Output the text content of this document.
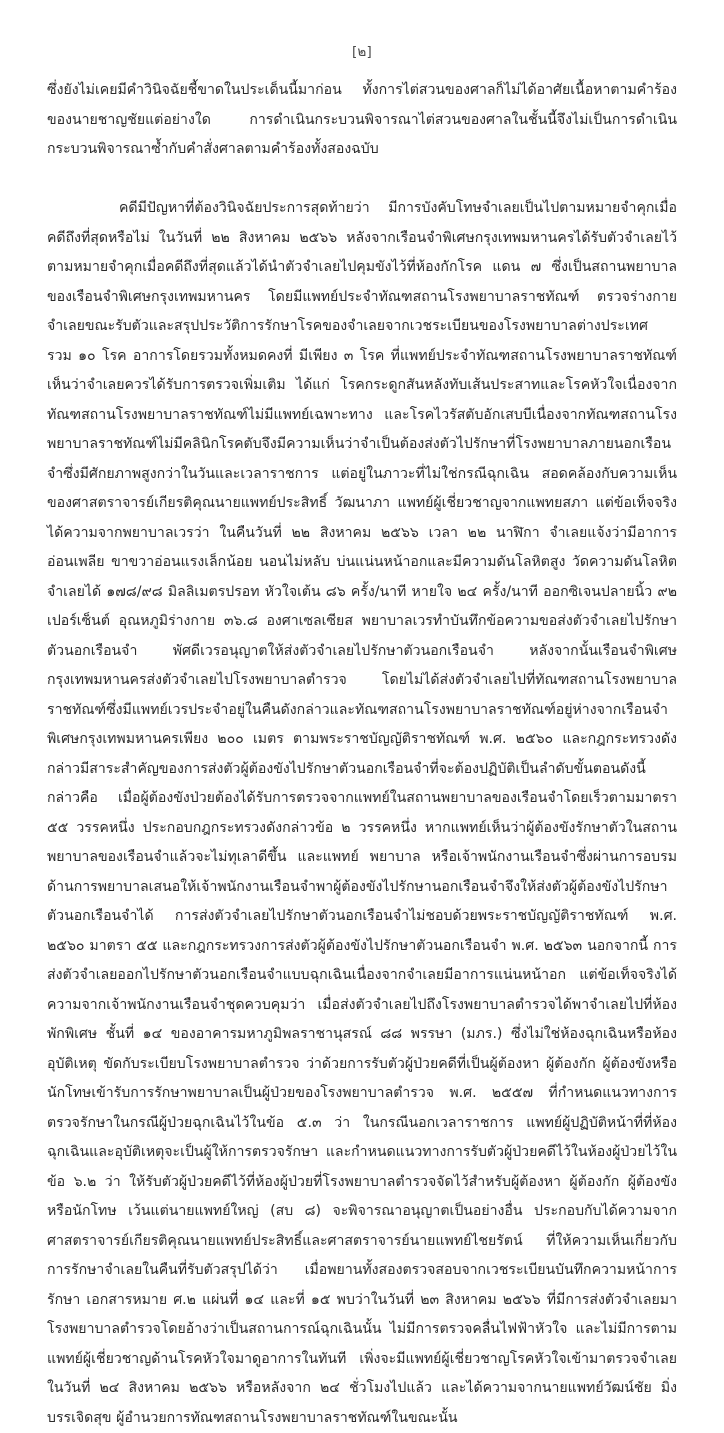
[๒]

ซึ่งยังไม่เคยมีคำวินิจฉัยชี้ขาดในประเด็นนี้มาก่อน ทั้งการไต่สวนของศาลก็ไม่ได้อาศัยเนื้อหาตามคำร้องของนายชาญชัยแต่อย่างใด การดำเนินกระบวนพิจารณาไต่สวนของศาลในชั้นนี้จึงไม่เป็นการดำเนินกระบวนพิจารณาซ้ำกับคำสั่งศาลตามคำร้องทั้งสองฉบับ

คดีมีปัญหาที่ต้องวินิจฉัยประการสุดท้ายว่า มีการบังคับโทษจำเลยเป็นไปตามหมายจำคุกเมื่อคดีถึงที่สุดหรือไม่ ในวันที่ ๒๒ สิงหาคม ๒๕๖๖ หลังจากเรือนจำพิเศษกรุงเทพมหานครได้รับตัวจำเลยไว้ตามหมายจำคุกเมื่อคดีถึงที่สุดแล้วได้นำตัวจำเลยไปคุมขังไว้ที่ห้องกักโรค แดน ๗ ซึ่งเป็นสถานพยาบาลของเรือนจำพิเศษกรุงเทพมหานคร โดยมีแพทย์ประจำทัณฑสถานโรงพยาบาลราชทัณฑ์ ตรวจร่างกายจำเลยขณะรับตัวและสรุปประวัติการรักษาโรคของจำเลยจากเวชระเบียนของโรงพยาบาลต่างประเทศ รวม ๑๐ โรค อาการโดยรวมทั้งหมดคงที่ มีเพียง ๓ โรค ที่แพทย์ประจำทัณฑสถานโรงพยาบาลราชทัณฑ์เห็นว่าจำเลยควรได้รับการตรวจเพิ่มเติม ได้แก่ โรคกระดูกสันหลังทับเส้นประสาทและโรคหัวใจเนื่องจากทัณฑสถานโรงพยาบาลราชทัณฑ์ไม่มีแพทย์เฉพาะทาง และโรคไวรัสตับอักเสบบีเนื่องจากทัณฑสถานโรงพยาบาลราชทัณฑ์ไม่มีคลินิกโรคตับจึงมีความเห็นว่าจำเป็นต้องส่งตัวไปรักษาที่โรงพยาบาลภายนอกเรือนจำซึ่งมีศักยภาพสูงกว่าในวันและเวลาราชการ แต่อยู่ในภาวะที่ไม่ใช่กรณีฉุกเฉิน สอดคล้องกับความเห็นของศาสตราจารย์เกียรติคุณนายแพทย์ประสิทธิ์ วัฒนาภา แพทย์ผู้เชี่ยวชาญจากแพทยสภา แต่ข้อเท็จจริงได้ความจากพยาบาลเวรว่า ในคืนวันที่ ๒๒ สิงหาคม ๒๕๖๖ เวลา ๒๒ นาฬิกา จำเลยแจ้งว่ามีอาการอ่อนเพลีย ขาขวาอ่อนแรงเล็กน้อย นอนไม่หลับ บ่นแน่นหน้าอกและมีความดันโลหิตสูง วัดความดันโลหิตจำเลยได้ ๑๗๘/๙๘ มิลลิเมตรปรอท หัวใจเต้น ๘๖ ครั้ง/นาที หายใจ ๒๔ ครั้ง/นาที ออกซิเจนปลายนิ้ว ๙๒ เปอร์เซ็นต์ อุณหภูมิร่างกาย ๓๖.๘ องศาเซลเซียส พยาบาลเวรทำบันทึกข้อความขอส่งตัวจำเลยไปรักษาตัวนอกเรือนจำ พัศดีเวรอนุญาตให้ส่งตัวจำเลยไปรักษาตัวนอกเรือนจำ หลังจากนั้นเรือนจำพิเศษกรุงเทพมหานครส่งตัวจำเลยไปโรงพยาบาลตำรวจ โดยไม่ได้ส่งตัวจำเลยไปที่ทัณฑสถานโรงพยาบาลราชทัณฑ์ซึ่งมีแพทย์เวรประจำอยู่ในคืนดังกล่าวและทัณฑสถานโรงพยาบาลราชทัณฑ์อยู่ห่างจากเรือนจำพิเศษกรุงเทพมหานครเพียง ๒๐๐ เมตร ตามพระราชบัญญัติราชทัณฑ์ พ.ศ. ๒๕๖๐ และกฎกระทรวงดังกล่าวมีสาระสำคัญของการส่งตัวผู้ต้องขังไปรักษาตัวนอกเรือนจำที่จะต้องปฏิบัติเป็นลำดับขั้นตอนดังนี้ กล่าวคือ เมื่อผู้ต้องขังป่วยต้องได้รับการตรวจจากแพทย์ในสถานพยาบาลของเรือนจำโดยเร็วตามมาตรา ๕๕ วรรคหนึ่ง ประกอบกฎกระทรวงดังกล่าวข้อ ๒ วรรคหนึ่ง หากแพทย์เห็นว่าผู้ต้องขังรักษาตัวในสถานพยาบาลของเรือนจำแล้วจะไม่ทุเลาดีขึ้น และแพทย์ พยาบาล หรือเจ้าพนักงานเรือนจำซึ่งผ่านการอบรมด้านการพยาบาลเสนอให้เจ้าพนักงานเรือนจำพาผู้ต้องขังไปรักษานอกเรือนจำจึงให้ส่งตัวผู้ต้องขังไปรักษาตัวนอกเรือนจำได้ การส่งตัวจำเลยไปรักษาตัวนอกเรือนจำไม่ชอบด้วยพระราชบัญญัติราชทัณฑ์ พ.ศ. ๒๕๖๐ มาตรา ๕๕ และกฎกระทรวงการส่งตัวผู้ต้องขังไปรักษาตัวนอกเรือนจำ พ.ศ. ๒๕๖๓ นอกจากนี้ การส่งตัวจำเลยออกไปรักษาตัวนอกเรือนจำแบบฉุกเฉินเนื่องจากจำเลยมีอาการแน่นหน้าอก แต่ข้อเท็จจริงได้ความจากเจ้าพนักงานเรือนจำชุดควบคุมว่า เมื่อส่งตัวจำเลยไปถึงโรงพยาบาลตำรวจได้พาจำเลยไปที่ห้องพักพิเศษ ชั้นที่ ๑๔ ของอาคารมหาภูมิพลราชานุสรณ์ ๘๘ พรรษา (มภร.) ซึ่งไม่ใช่ห้องฉุกเฉินหรือห้องอุบัติเหตุ ขัดกับระเบียบโรงพยาบาลตำรวจ ว่าด้วยการรับตัวผู้ป่วยคดีที่เป็นผู้ต้องหา ผู้ต้องกัก ผู้ต้องขังหรือนักโทษเข้ารับการรักษาพยาบาลเป็นผู้ป่วยของโรงพยาบาลตำรวจ พ.ศ. ๒๕๕๗ ที่กำหนดแนวทางการตรวจรักษาในกรณีผู้ป่วยฉุกเฉินไว้ในข้อ ๕.๓ ว่า ในกรณีนอกเวลาราชการ แพทย์ผู้ปฏิบัติหน้าที่ที่ห้องฉุกเฉินและอุบัติเหตุจะเป็นผู้ให้การตรวจรักษา และกำหนดแนวทางการรับตัวผู้ป่วยคดีไว้ในห้องผู้ป่วยไว้ในข้อ ๖.๒ ว่า ให้รับตัวผู้ป่วยคดีไว้ที่ห้องผู้ป่วยที่โรงพยาบาลตำรวจจัดไว้สำหรับผู้ต้องหา ผู้ต้องกัก ผู้ต้องขังหรือนักโทษ เว้นแต่นายแพทย์ใหญ่ (สบ ๘) จะพิจารณาอนุญาตเป็นอย่างอื่น ประกอบกับได้ความจากศาสตราจารย์เกียรติคุณนายแพทย์ประสิทธิ์และศาสตราจารย์นายแพทย์ไชยรัตน์ ที่ให้ความเห็นเกี่ยวกับการรักษาจำเลยในคืนที่รับตัวสรุปได้ว่า เมื่อพยานทั้งสองตรวจสอบจากเวชระเบียนบันทึกความหน้าการรักษา เอกสารหมาย ศ.๒ แผ่นที่ ๑๔ และที่ ๑๕ พบว่าในวันที่ ๒๓ สิงหาคม ๒๕๖๖ ที่มีการส่งตัวจำเลยมาโรงพยาบาลตำรวจโดยอ้างว่าเป็นสถานการณ์ฉุกเฉินนั้น ไม่มีการตรวจคลื่นไฟฟ้าหัวใจ และไม่มีการตามแพทย์ผู้เชี่ยวชาญด้านโรคหัวใจมาดูอาการในทันที เพิ่งจะมีแพทย์ผู้เชี่ยวชาญโรคหัวใจเข้ามาตรวจจำเลยในวันที่ ๒๔ สิงหาคม ๒๕๖๖ หรือหลังจาก ๒๔ ชั่วโมงไปแล้ว และได้ความจากนายแพทย์วัฒน์ชัย มิ่งบรรเจิดสุข ผู้อำนวยการทัณฑสถานโรงพยาบาลราชทัณฑ์ในขณะนั้น
